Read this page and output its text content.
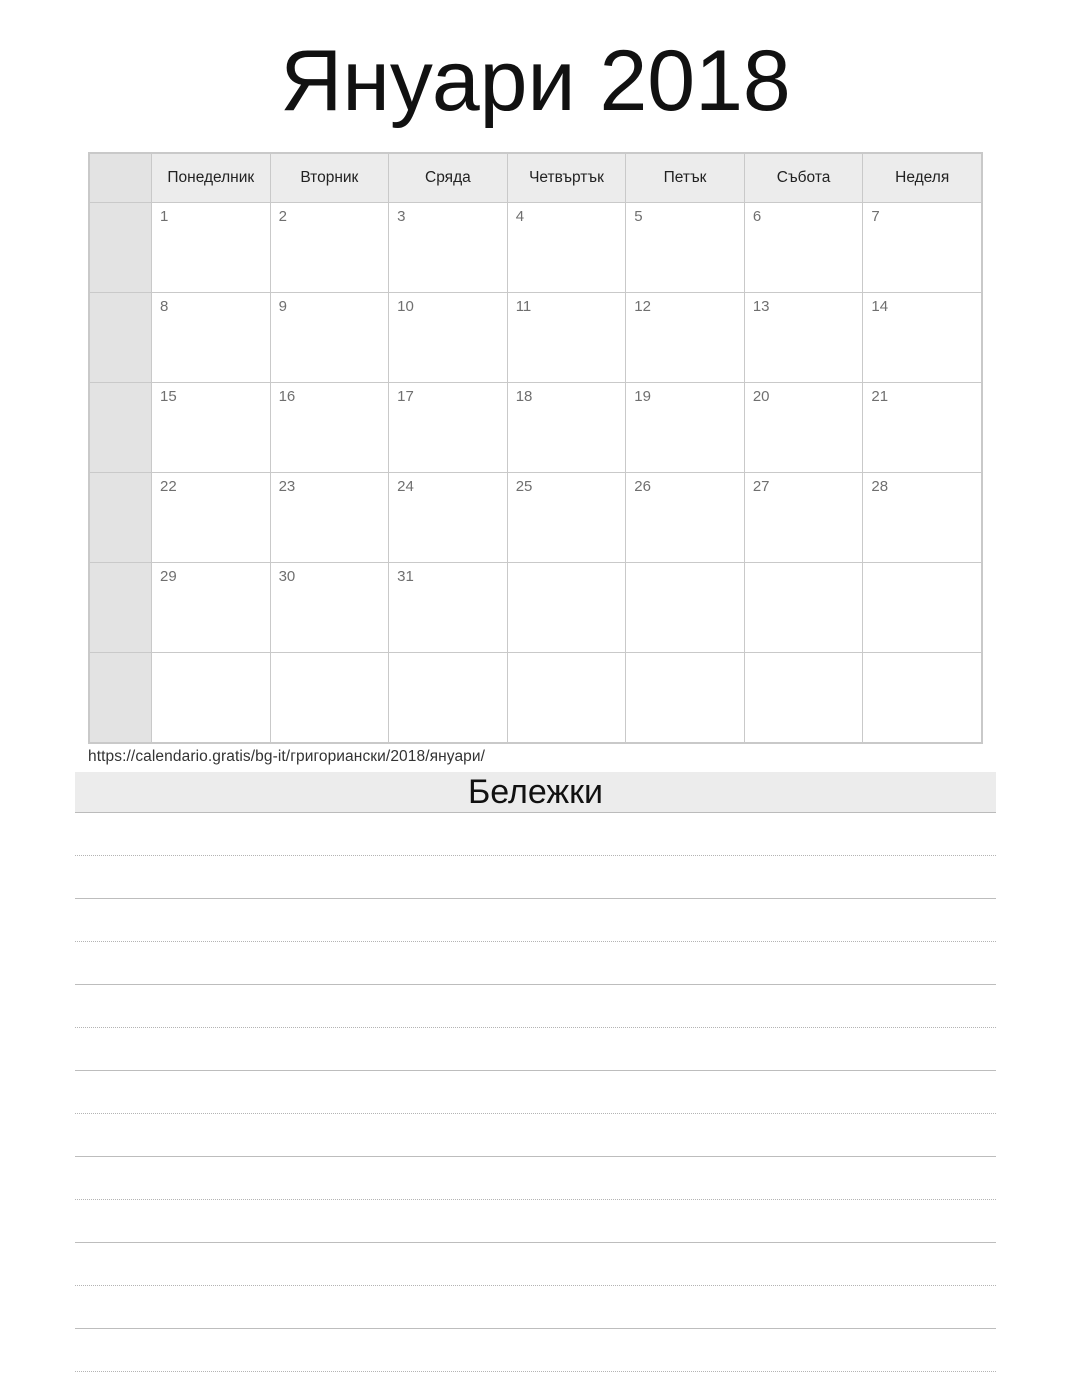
Януари 2018
	Понеделник	Вторник	Сряда	Четвъртък	Петък	Събота	Неделя
	1	2	3	4	5	6	7
	8	9	10	11	12	13	14
	15	16	17	18	19	20	21
	22	23	24	25	26	27	28
	29	30	31				

https://calendario.gratis/bg-it/григориански/2018/януари/
Бележки
